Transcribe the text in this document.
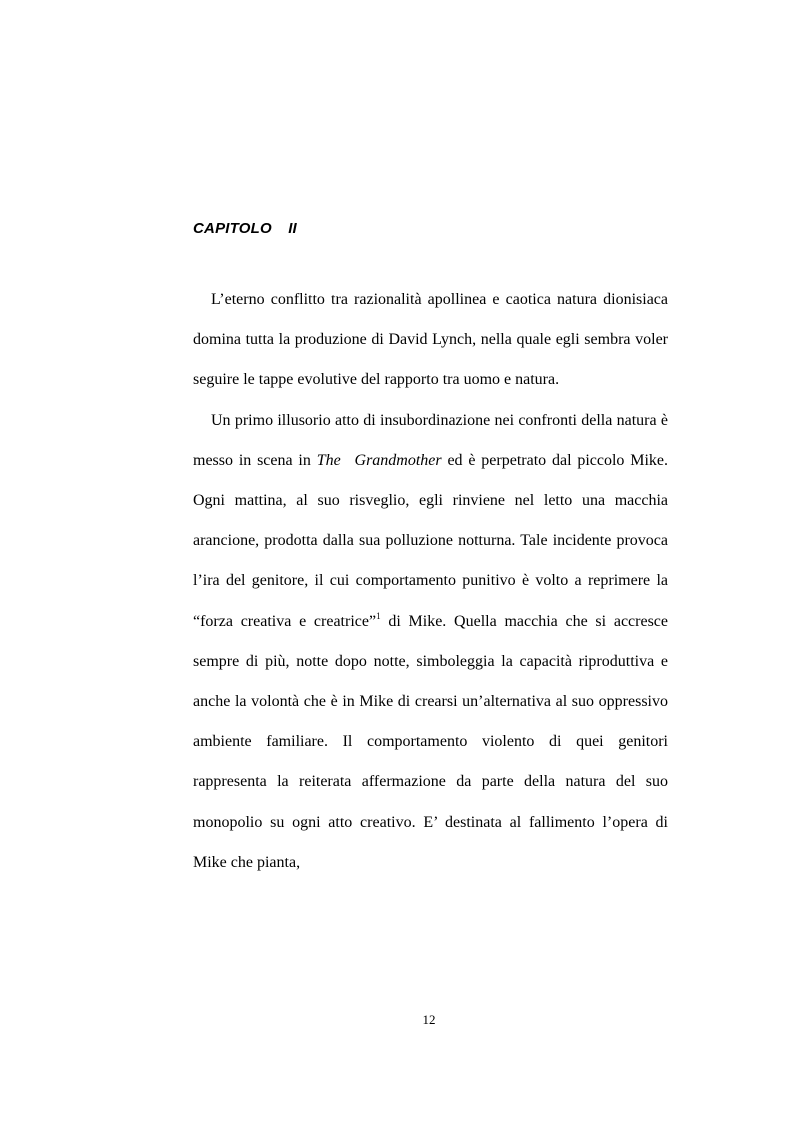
CAPITOLO II

L’eterno conflitto tra razionalità apollinea e caotica natura dionisiaca domina tutta la produzione di David Lynch, nella quale egli sembra voler seguire le tappe evolutive del rapporto tra uomo e natura.

Un primo illusorio atto di insubordinazione nei confronti della natura è messo in scena in The Grandmother ed è perpetrato dal piccolo Mike. Ogni mattina, al suo risveglio, egli rinviene nel letto una macchia arancione, prodotta dalla sua polluzione notturna. Tale incidente provoca l’ira del genitore, il cui comportamento punitivo è volto a reprimere la “forza creativa e creatrice”$^1$ di Mike. Quella macchia che si accresce sempre di più, notte dopo notte, simboleggia la capacità riproduttiva e anche la volontà che è in Mike di crearsi un’alternativa al suo oppressivo ambiente familiare. Il comportamento violento di quei genitori rappresenta la reiterata affermazione da parte della natura del suo monopolio su ogni atto creativo. E’ destinata al fallimento l’opera di Mike che pianta,

12
